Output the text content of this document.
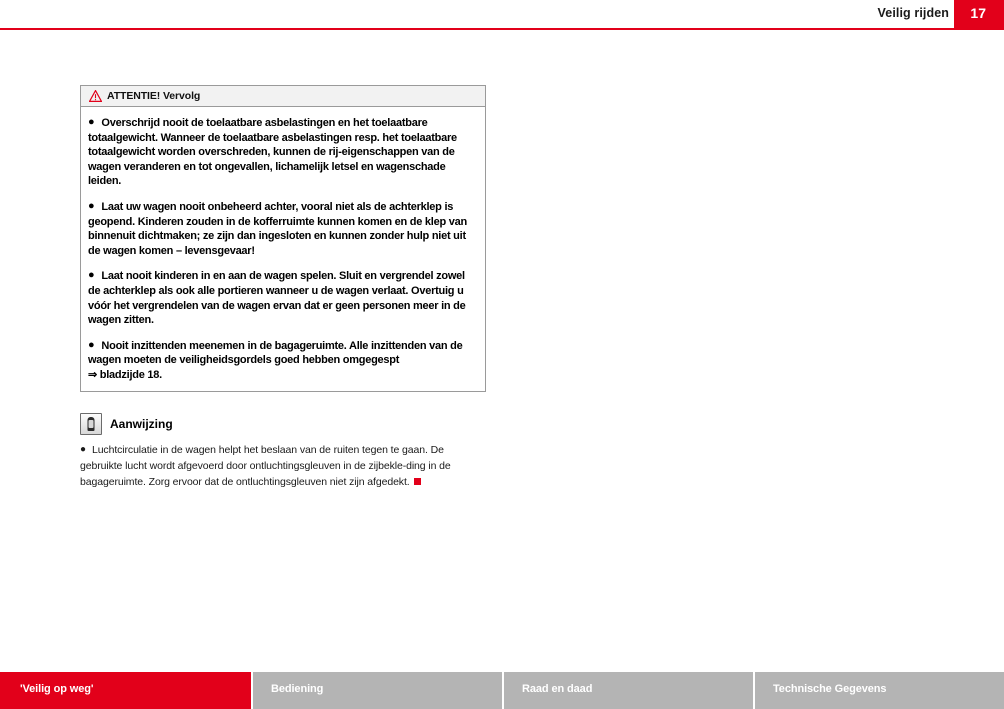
Veilig rijden 17
ATTENTIE! Vervolg
● Overschrijd nooit de toelaatbare asbelastingen en het toelaatbare totaalgewicht. Wanneer de toelaatbare asbelastingen resp. het toelaatbare totaalgewicht worden overschreden, kunnen de rij-eigenschappen van de wagen veranderen en tot ongevallen, lichamelijk letsel en wagenschade leiden.
● Laat uw wagen nooit onbeheerd achter, vooral niet als de achterklep is geopend. Kinderen zouden in de kofferruimte kunnen komen en de klep van binnenuit dichtmaken; ze zijn dan ingesloten en kunnen zonder hulp niet uit de wagen komen – levensgevaar!
● Laat nooit kinderen in en aan de wagen spelen. Sluit en vergrendel zowel de achterklep als ook alle portieren wanneer u de wagen verlaat. Overtuig u vóór het vergrendelen van de wagen ervan dat er geen personen meer in de wagen zitten.
● Nooit inzittenden meenemen in de bagageruimte. Alle inzittenden van de wagen moeten de veiligheidsgordels goed hebben omgegespt
⇒ bladzijde 18.
Aanwijzing
● Luchtcirculatie in de wagen helpt het beslaan van de ruiten tegen te gaan. De gebruikte lucht wordt afgevoerd door ontluchtingsgleuven in de zijbekle-ding in de bagageruimte. Zorg ervoor dat de ontluchtingsgleuven niet zijn afgedekt.
'Veilig op weg'	Bediening	Raad en daad	Technische Gegevens
